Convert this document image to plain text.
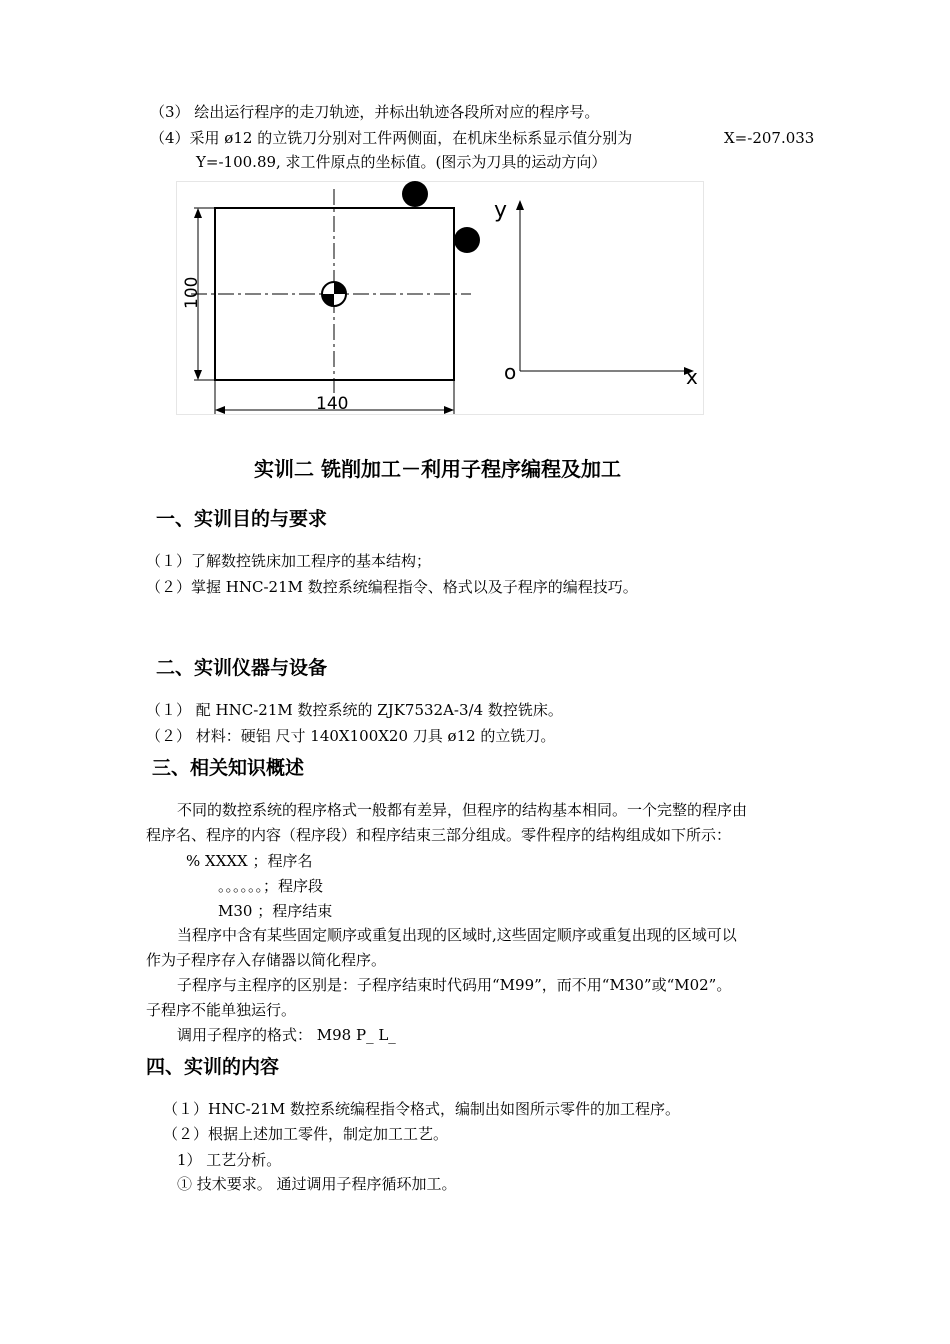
（3） 绘出运行程序的走刀轨迹，并标出轨迹各段所对应的程序号。
（4）采用 ø12 的立铣刀分别对工件两侧面，在机床坐标系显示值分别为	X=-207.033
Y=-100.89, 求工件原点的坐标值。(图示为刀具的运动方向）
100
140
y
x
o
实训二 铣削加工－利用子程序编程及加工
一、实训目的与要求
（１）了解数控铣床加工程序的基本结构；
（２）掌握 HNC-21M 数控系统编程指令、格式以及子程序的编程技巧。
二、实训仪器与设备
（１） 配 HNC-21M 数控系统的 ZJK7532A-3/4 数控铣床。
（２） 材料：硬铝 尺寸 140X100X20 刀具 ø12 的立铣刀。
三、相关知识概述
不同的数控系统的程序格式一般都有差异，但程序的结构基本相同。一个完整的程序由
程序名、程序的内容（程序段）和程序结束三部分组成。零件程序的结构组成如下所示：
% XXXX ；程序名
。。。。。。；程序段
M30 ；程序结束
当程序中含有某些固定顺序或重复出现的区域时,这些固定顺序或重复出现的区域可以
作为子程序存入存储器以简化程序。
子程序与主程序的区别是：子程序结束时代码用“M99”，而不用“M30”或“M02”。
子程序不能单独运行。
调用子程序的格式： M98 P_ L_
四、实训的内容
（１）HNC-21M 数控系统编程指令格式，编制出如图所示零件的加工程序。
（２）根据上述加工零件，制定加工工艺。
1） 工艺分析。
① 技术要求。 通过调用子程序循环加工。
